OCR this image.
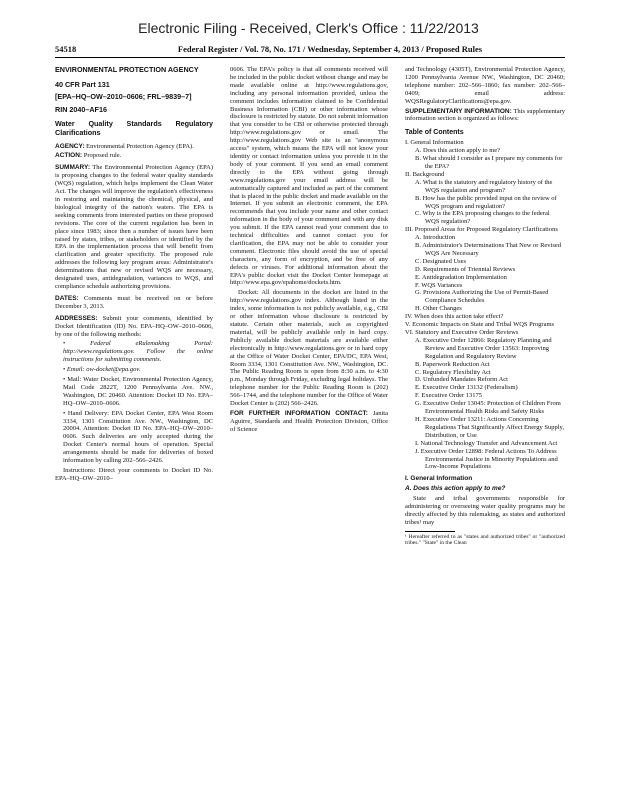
Electronic Filing - Received, Clerk's Office : 11/22/2013
54518	Federal Register / Vol. 78, No. 171 / Wednesday, September 4, 2013 / Proposed Rules

ENVIRONMENTAL PROTECTION AGENCY

40 CFR Part 131

[EPA–HQ–OW–2010–0606; FRL–9839–7]

RIN 2040–AF16

Water Quality Standards Regulatory Clarifications

AGENCY: Environmental Protection Agency (EPA).

ACTION: Proposed rule.

SUMMARY: The Environmental Protection Agency (EPA) is proposing changes to the federal water quality standards (WQS) regulation, which helps implement the Clean Water Act. The changes will improve the regulation's effectiveness in restoring and maintaining the chemical, physical, and biological integrity of the nation's waters. The EPA is seeking comments from interested parties on these proposed revisions. The core of the current regulation has been in place since 1983; since then a number of issues have been raised by states, tribes, or stakeholders or identified by the EPA in the implementation process that will benefit from clarification and greater specificity. The proposed rule addresses the following key program areas: Administrator's determinations that new or revised WQS are necessary, designated uses, antidegradation, variances to WQS, and compliance schedule authorizing provisions.

DATES: Comments must be received on or before December 3, 2013.

ADDRESSES: Submit your comments, identified by Docket Identification (ID) No. EPA–HQ–OW–2010–0606, by one of the following methods:

• Federal eRulemaking Portal: http://www.regulations.gov. Follow the online instructions for submitting comments.

• Email: ow-docket@epa.gov.

• Mail: Water Docket, Environmental Protection Agency, Mail Code 2822T, 1200 Pennsylvania Ave. NW., Washington, DC 20460. Attention: Docket ID No. EPA–HQ–OW–2010–0606.

• Hand Delivery: EPA Docket Center, EPA West Room 3334, 1301 Constitution Ave. NW., Washington, DC 20004. Attention: Docket ID No. EPA–HQ–OW–2010–0606. Such deliveries are only accepted during the Docket Center's normal hours of operation. Special arrangements should be made for deliveries of boxed information by calling 202–566–2426.

Instructions: Direct your comments to Docket ID No. EPA–HQ–OW–2010–

0606. The EPA's policy is that all comments received will be included in the public docket without change and may be made available online at http://www.regulations.gov, including any personal information provided, unless the comment includes information claimed to be Confidential Business Information (CBI) or other information whose disclosure is restricted by statute. Do not submit information that you consider to be CBI or otherwise protected through http://www.regulations.gov or email. The http://www.regulations.gov Web site is an "anonymous access" system, which means the EPA will not know your identity or contact information unless you provide it in the body of your comment. If you send an email comment directly to the EPA without going through www.regulations.gov your email address will be automatically captured and included as part of the comment that is placed in the public docket and made available on the Internet. If you submit an electronic comment, the EPA recommends that you include your name and other contact information in the body of your comment and with any disk you submit. If the EPA cannot read your comment due to technical difficulties and cannot contact you for clarification, the EPA may not be able to consider your comment. Electronic files should avoid the use of special characters, any form of encryption, and be free of any defects or viruses. For additional information about the EPA's public docket visit the Docket Center homepage at http://www.epa.gov/epahome/dockets.htm.

Docket: All documents in the docket are listed in the http://www.regulations.gov index. Although listed in the index, some information is not publicly available, e.g., CBI or other information whose disclosure is restricted by statute. Certain other materials, such as copyrighted material, will be publicly available only in hard copy. Publicly available docket materials are available either electronically in http://www.regulations.gov or in hard copy at the Office of Water Docket Center, EPA/DC, EPA West, Room 3334, 1301 Constitution Ave. NW., Washington, DC. The Public Reading Room is open from 8:30 a.m. to 4:30 p.m., Monday through Friday, excluding legal holidays. The telephone number for the Public Reading Room is (202) 566–1744, and the telephone number for the Office of Water Docket Center is (202) 566–2426.

FOR FURTHER INFORMATION CONTACT: Janita Aguirre, Standards and Health Protection Division, Office of Science

and Technology (4305T), Environmental Protection Agency, 1200 Pennsylvania Avenue NW., Washington, DC 20460; telephone number: 202–566–1860; fax number: 202–566–0409; email address: WQSRegulatoryClarifications@epa.gov.

SUPPLEMENTARY INFORMATION: This supplementary information section is organized as follows:

Table of Contents
I. General Information
A. Does this action apply to me?
B. What should I consider as I prepare my comments for the EPA?
II. Background
A. What is the statutory and regulatory history of the WQS regulation and program?
B. How has the public provided input on the review of WQS program and regulation?
C. Why is the EPA proposing changes to the federal WQS regulation?
III. Proposed Areas for Proposed Regulatory Clarifications
A. Introduction
B. Administrator's Determinations That New or Revised WQS Are Necessary
C. Designated Uses
D. Requirements of Triennial Reviews
E. Antidegradation Implementation
F. WQS Variances
G. Provisions Authorizing the Use of Permit-Based Compliance Schedules
H. Other Changes
IV. When does this action take effect?
V. Economic Impacts on State and Tribal WQS Programs
VI. Statutory and Executive Order Reviews
A. Executive Order 12866: Regulatory Planning and Review and Executive Order 13563: Improving Regulation and Regulatory Review
B. Paperwork Reduction Act
C. Regulatory Flexibility Act
D. Unfunded Mandates Reform Act
E. Executive Order 13132 (Federalism)
F. Executive Order 13175
G. Executive Order 13045: Protection of Children From Environmental Health Risks and Safety Risks
H. Executive Order 13211: Actions Concerning Regulations That Significantly Affect Energy Supply, Distribution, or Use
I. National Technology Transfer and Advancement Act
J. Executive Order 12898: Federal Actions To Address Environmental Justice in Minority Populations and Low-Income Populations
I. General Information

A. Does this action apply to me?

State and tribal governments responsible for administering or overseeing water quality programs may be directly affected by this rulemaking, as states and authorized tribes¹ may

¹ Hereafter referred to as "states and authorized tribes" or "authorized tribes." "State" in the Clean
